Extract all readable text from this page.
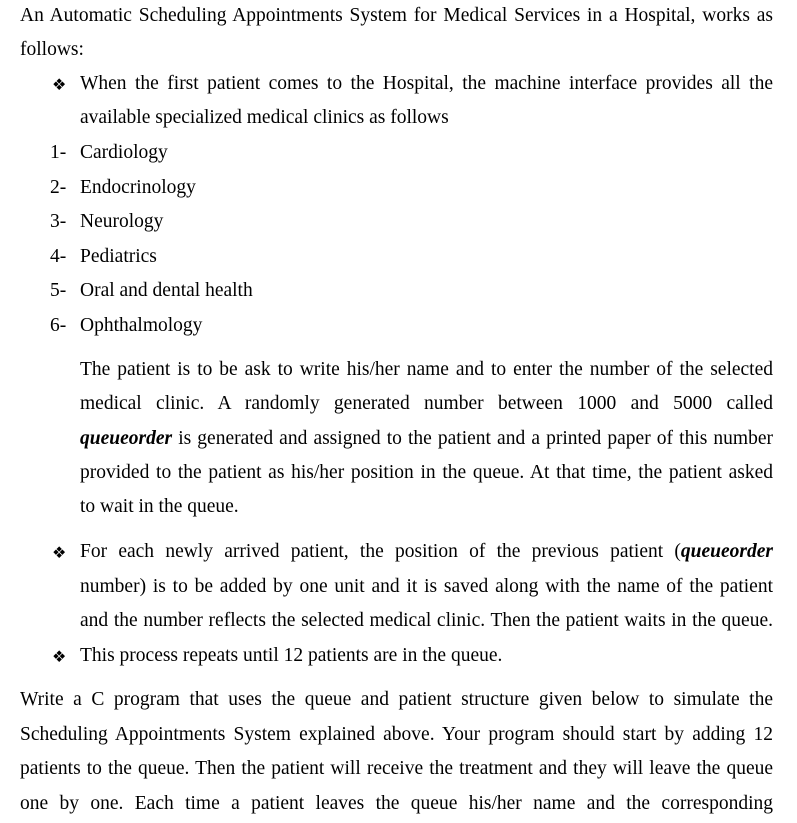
An Automatic Scheduling Appointments System for Medical Services in a Hospital, works as
follows:
❖ When the first patient comes to the Hospital, the machine interface provides all the
available specialized medical clinics as follows
1- Cardiology
2- Endocrinology
3- Neurology
4- Pediatrics
5- Oral and dental health
6- Ophthalmology
The patient is to be ask to write his/her name and to enter the number of the selected
medical clinic. A randomly generated number between 1000 and 5000 called
queueorder is generated and assigned to the patient and a printed paper of this number
provided to the patient as his/her position in the queue. At that time, the patient asked
to wait in the queue.
❖ For each newly arrived patient, the position of the previous patient (queueorder
number) is to be added by one unit and it is saved along with the name of the patient
and the number reflects the selected medical clinic. Then the patient waits in the queue.
❖ This process repeats until 12 patients are in the queue.
Write a C program that uses the queue and patient structure given below to simulate the
Scheduling Appointments System explained above. Your program should start by adding 12
patients to the queue. Then the patient will receive the treatment and they will leave the queue
one by one. Each time a patient leaves the queue his/her name and the corresponding
